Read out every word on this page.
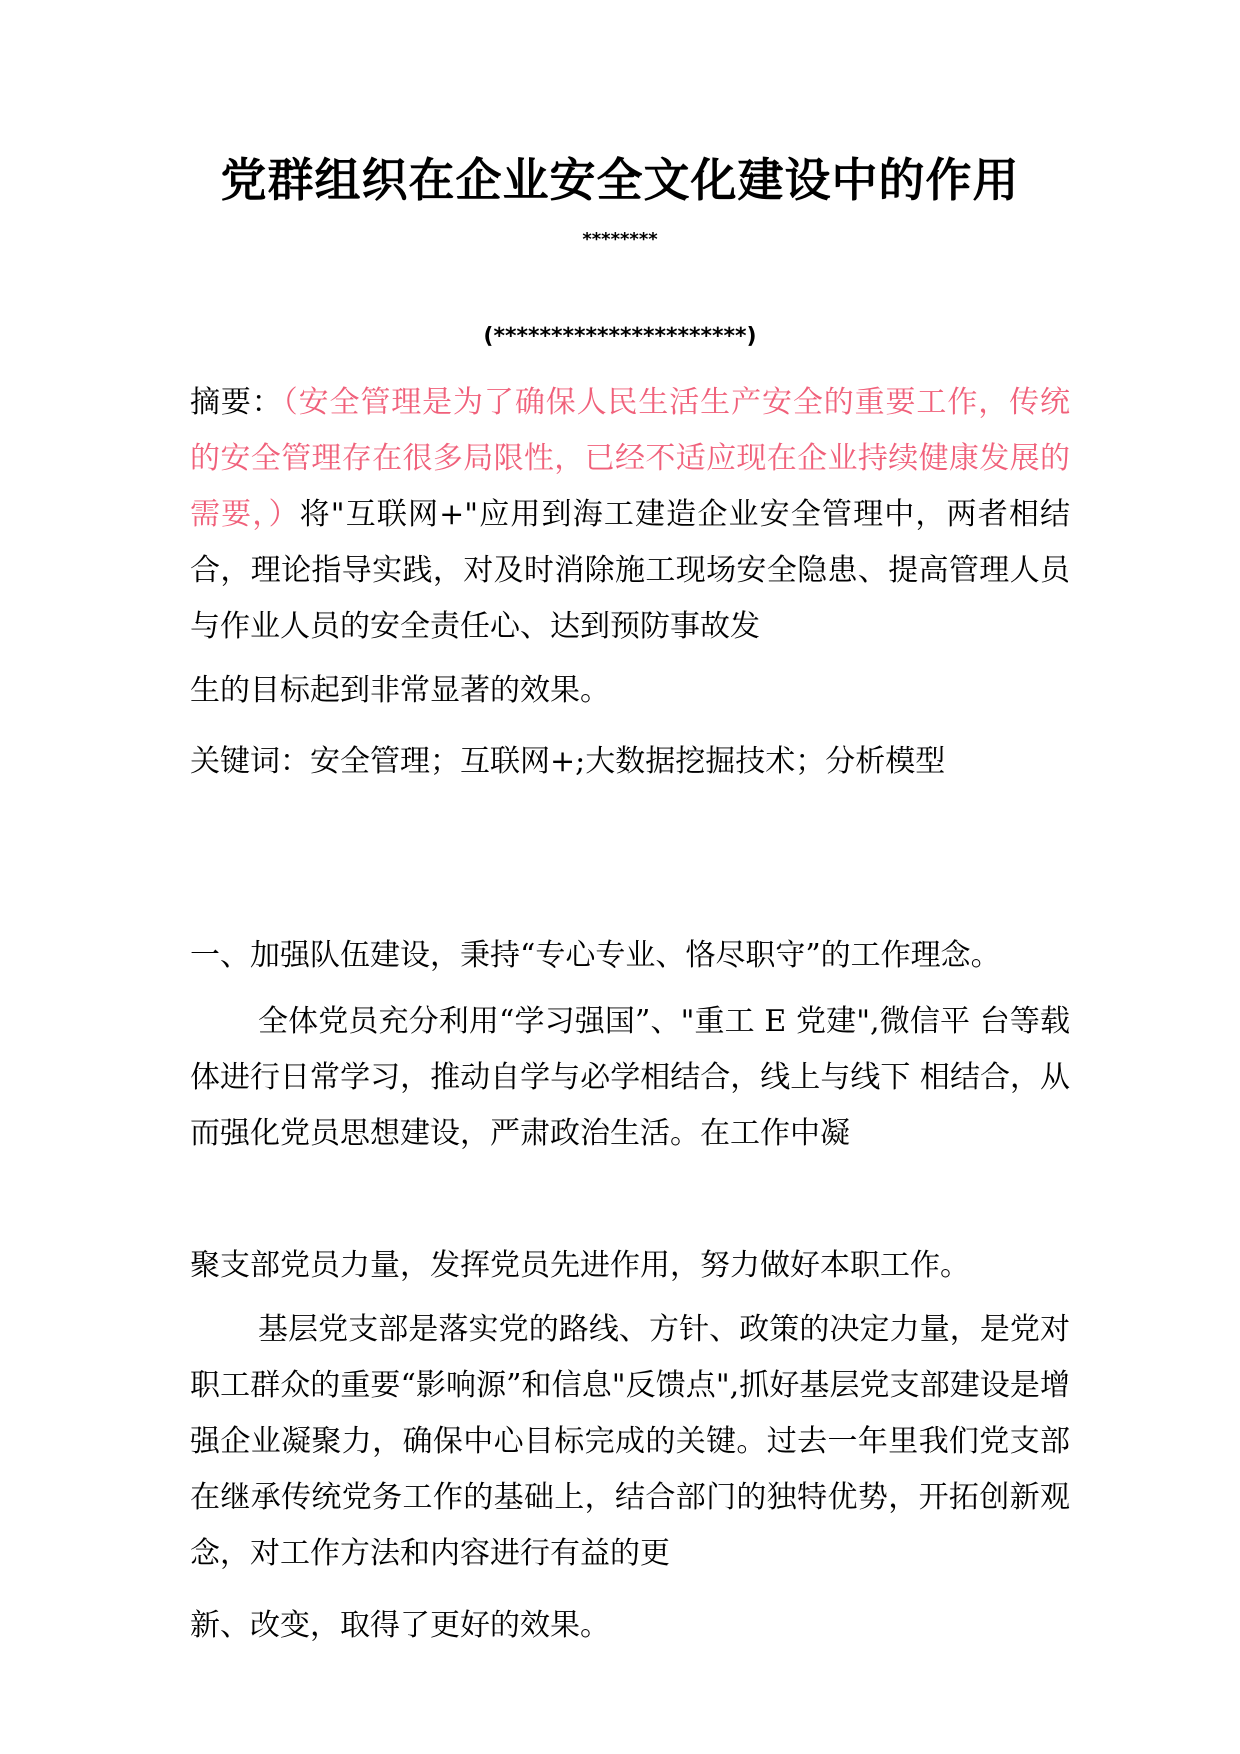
党群组织在企业安全文化建设中的作用
********
(**********************)

摘要：（安全管理是为了确保人民生活生产安全的重要工作，传统的安全管理存在很多局限性，已经不适应现在企业持续健康发展的需要，）将"互联网+"应用到海工建造企业安全管理中，两者相结合，理论指导实践，对及时消除施工现场安全隐患、提高管理人员与作业人员的安全责任心、达到预防事故发
生的目标起到非常显著的效果。

关键词：安全管理；互联网+;大数据挖掘技术；分析模型

一、加强队伍建设，秉持“专心专业、恪尽职守”的工作理念。

全体党员充分利用“学习强国”、"重工 E 党建",微信平 台等载体进行日常学习，推动自学与必学相结合，线上与线下 相结合，从而强化党员思想建设，严肃政治生活。在工作中凝

聚支部党员力量，发挥党员先进作用，努力做好本职工作。

基层党支部是落实党的路线、方针、政策的决定力量，是党对职工群众的重要“影响源”和信息"反馈点",抓好基层党支部建设是增强企业凝聚力，确保中心目标完成的关键。过去一年里我们党支部在继承传统党务工作的基础上，结合部门的独特优势，开拓创新观念，对工作方法和内容进行有益的更

新、改变，取得了更好的效果。
